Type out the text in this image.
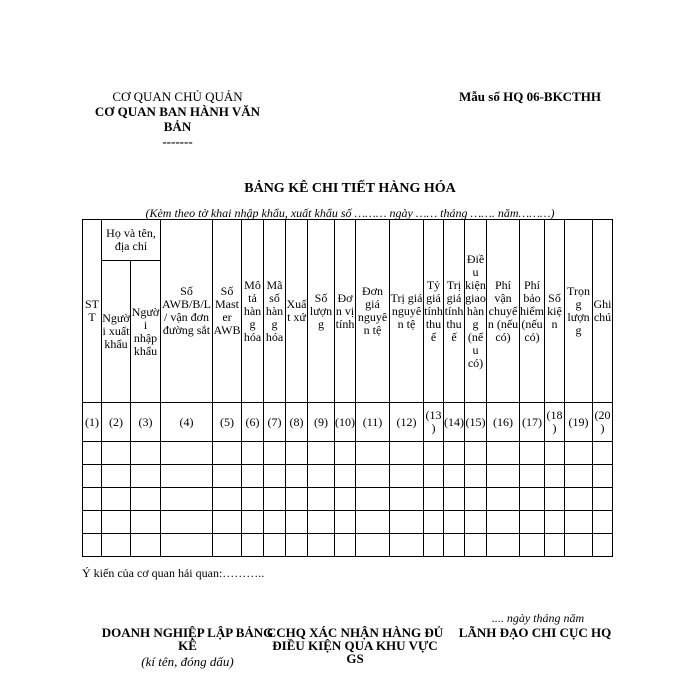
CƠ QUAN CHỦ QUẢN
CƠ QUAN BAN HÀNH VĂN BẢN
-------
Mẫu số HQ 06-BKCTHH
BẢNG KÊ CHI TIẾT HÀNG HÓA
(Kèm theo tờ khai nhập khẩu, xuất khẩu số ……… ngày …… tháng ……. năm………)
STT	Họ và tên, địa chỉ		Số AWB/B/L/ vận đơn đường sắt	Số Master AWB	Mô tả hàng hóa	Mã số hàng hóa	Xuất xứ	Số lượng	Đơn vị tính	Đơn giá nguyên tệ	Trị giá nguyên tệ	Tỷ giá tính thuế	Trị giá tính thuế	Điều kiện giao hàng (nếu có)	Phí vận chuyển (nếu có)	Phí bảo hiểm (nếu có)	Số kiện	Trọng lượng	Ghi chú
	Người xuất khẩu	Người nhập khẩu																	
(1)	(2)	(3)	(4)	(5)	(6)	(7)	(8)	(9)	(10)	(11)	(12)	(13)	(14)	(15)	(16)	(17)	(18)	(19)	(20)

Ý kiến của cơ quan hải quan:………..
.... ngày tháng năm
DOANH NGHIỆP LẬP BẢNG KÊ
(kí tên, đóng dấu)
CCHQ XÁC NHẬN HÀNG ĐỦ ĐIỀU KIỆN QUA KHU VỰC GS
LÃNH ĐẠO CHI CỤC HQ
